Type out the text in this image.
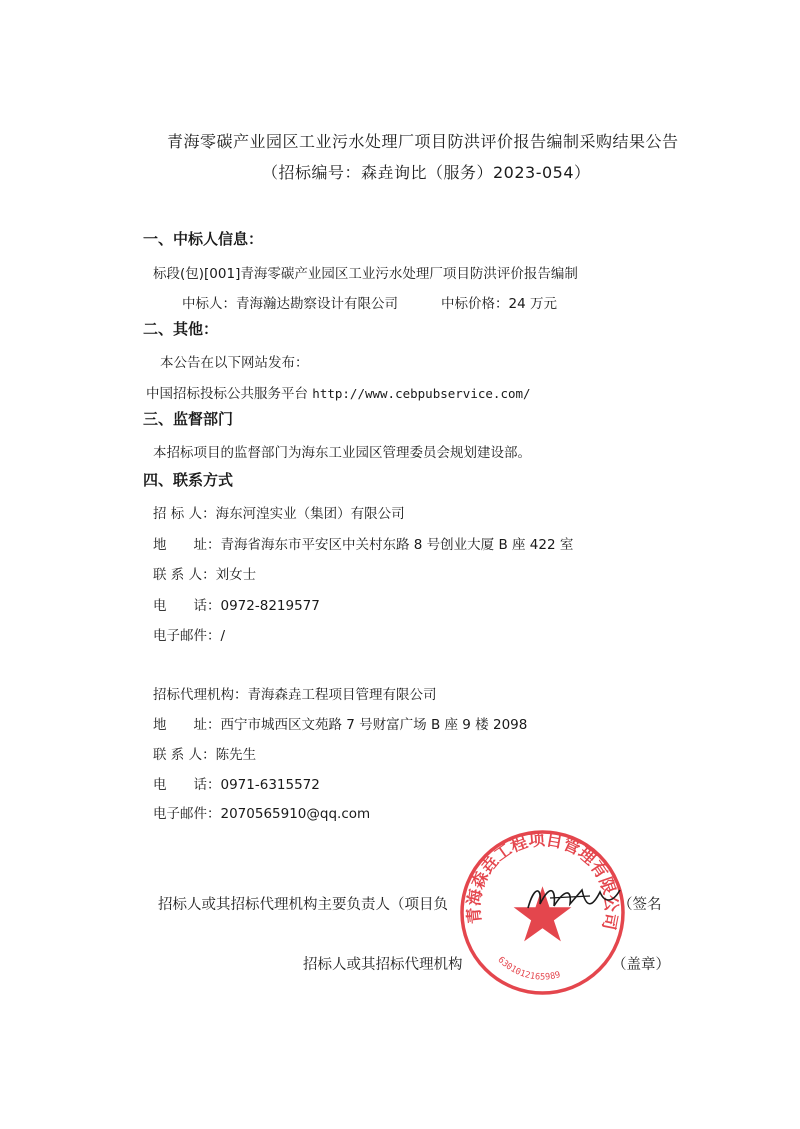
青海零碳产业园区工业污水处理厂项目防洪评价报告编制采购结果公告
（招标编号：森垚询比（服务）2023-054）
一、中标人信息：
标段(包)[001]青海零碳产业园区工业污水处理厂项目防洪评价报告编制
中标人：青海瀚达勘察设计有限公司	中标价格：24 万元
二、其他：
本公告在以下网站发布：
中国招标投标公共服务平台 http://www.cebpubservice.com/
三、监督部门
本招标项目的监督部门为海东工业园区管理委员会规划建设部。
四、联系方式
招 标 人：海东河湟实业（集团）有限公司
地　　址：青海省海东市平安区中关村东路 8 号创业大厦 B 座 422 室
联 系 人：刘女士
电　　话：0972-8219577
电子邮件：/
招标代理机构：青海森垚工程项目管理有限公司
地　　址：西宁市城西区文苑路 7 号财富广场 B 座 9 楼 2098
联 系 人：陈先生
电　　话：0971-6315572
电子邮件：2070565910@qq.com
招标人或其招标代理机构主要负责人（项目负	（签名
招标人或其招标代理机构	（盖章）
青海森垚工程项目管理有限公司
6301012165989
